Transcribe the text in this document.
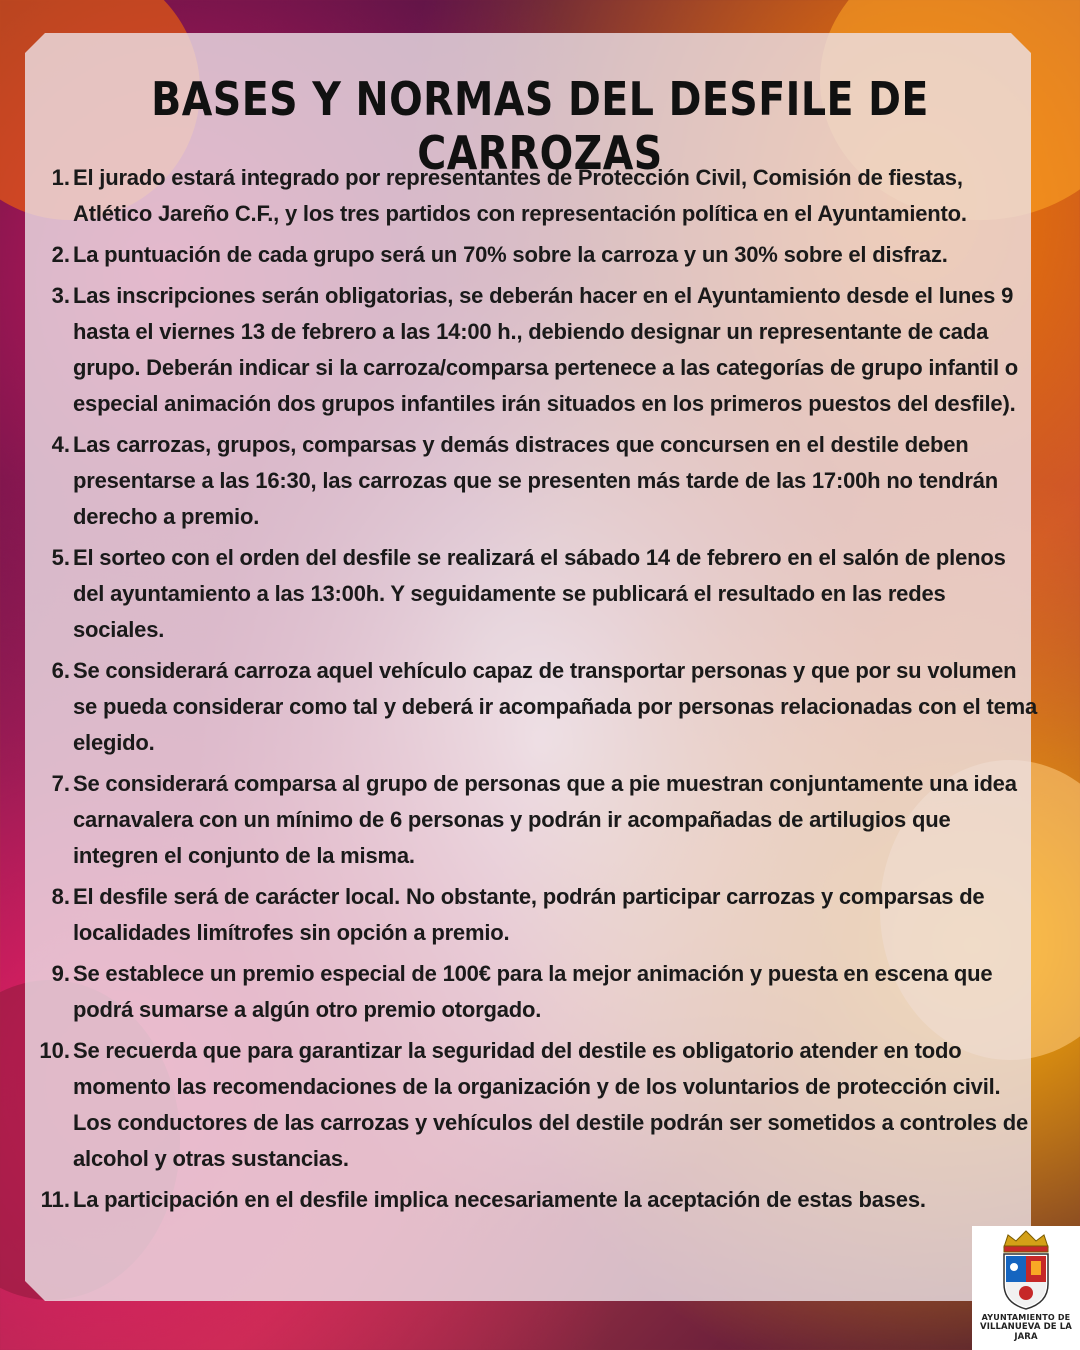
BASES Y NORMAS DEL DESFILE DE CARROZAS
1. El jurado estará integrado por representantes de Protección Civil, Comisión de fiestas, Atlético Jareño C.F., y los tres partidos con representación política en el Ayuntamiento.
2. La puntuación de cada grupo será un 70% sobre la carroza y un 30% sobre el disfraz.
3. Las inscripciones serán obligatorias, se deberán hacer en el Ayuntamiento desde el lunes 9 hasta el viernes 13 de febrero a las 14:00 h., debiendo designar un representante de cada grupo. Deberán indicar si la carroza/comparsa pertenece a las categorías de grupo infantil o especial animación dos grupos infantiles irán situados en los primeros puestos del desfile).
4. Las carrozas, grupos, comparsas y demás distraces que concursen en el destile deben presentarse a las 16:30, las carrozas que se presenten más tarde de las 17:00h no tendrán derecho a premio.
5. El sorteo con el orden del desfile se realizará el sábado 14 de febrero en el salón de plenos del ayuntamiento a las 13:00h. Y seguidamente se publicará el resultado en las redes sociales.
6. Se considerará carroza aquel vehículo capaz de transportar personas y que por su volumen se pueda considerar como tal y deberá ir acompañada por personas relacionadas con el tema elegido.
7. Se considerará comparsa al grupo de personas que a pie muestran conjuntamente una idea carnavalera con un mínimo de 6 personas y podrán ir acompañadas de artilugios que integren el conjunto de la misma.
8. El desfile será de carácter local. No obstante, podrán participar carrozas y comparsas de localidades limítrofes sin opción a premio.
9. Se establece un premio especial de 100€ para la mejor animación y puesta en escena que podrá sumarse a algún otro premio otorgado.
10. Se recuerda que para garantizar la seguridad del destile es obligatorio atender en todo momento las recomendaciones de la organización y de los voluntarios de protección civil. Los conductores de las carrozas y vehículos del destile podrán ser sometidos a controles de alcohol y otras sustancias.
11. La participación en el desfile implica necesariamente la aceptación de estas bases.
AYUNTAMIENTO DE
VILLANUEVA DE LA JARA
